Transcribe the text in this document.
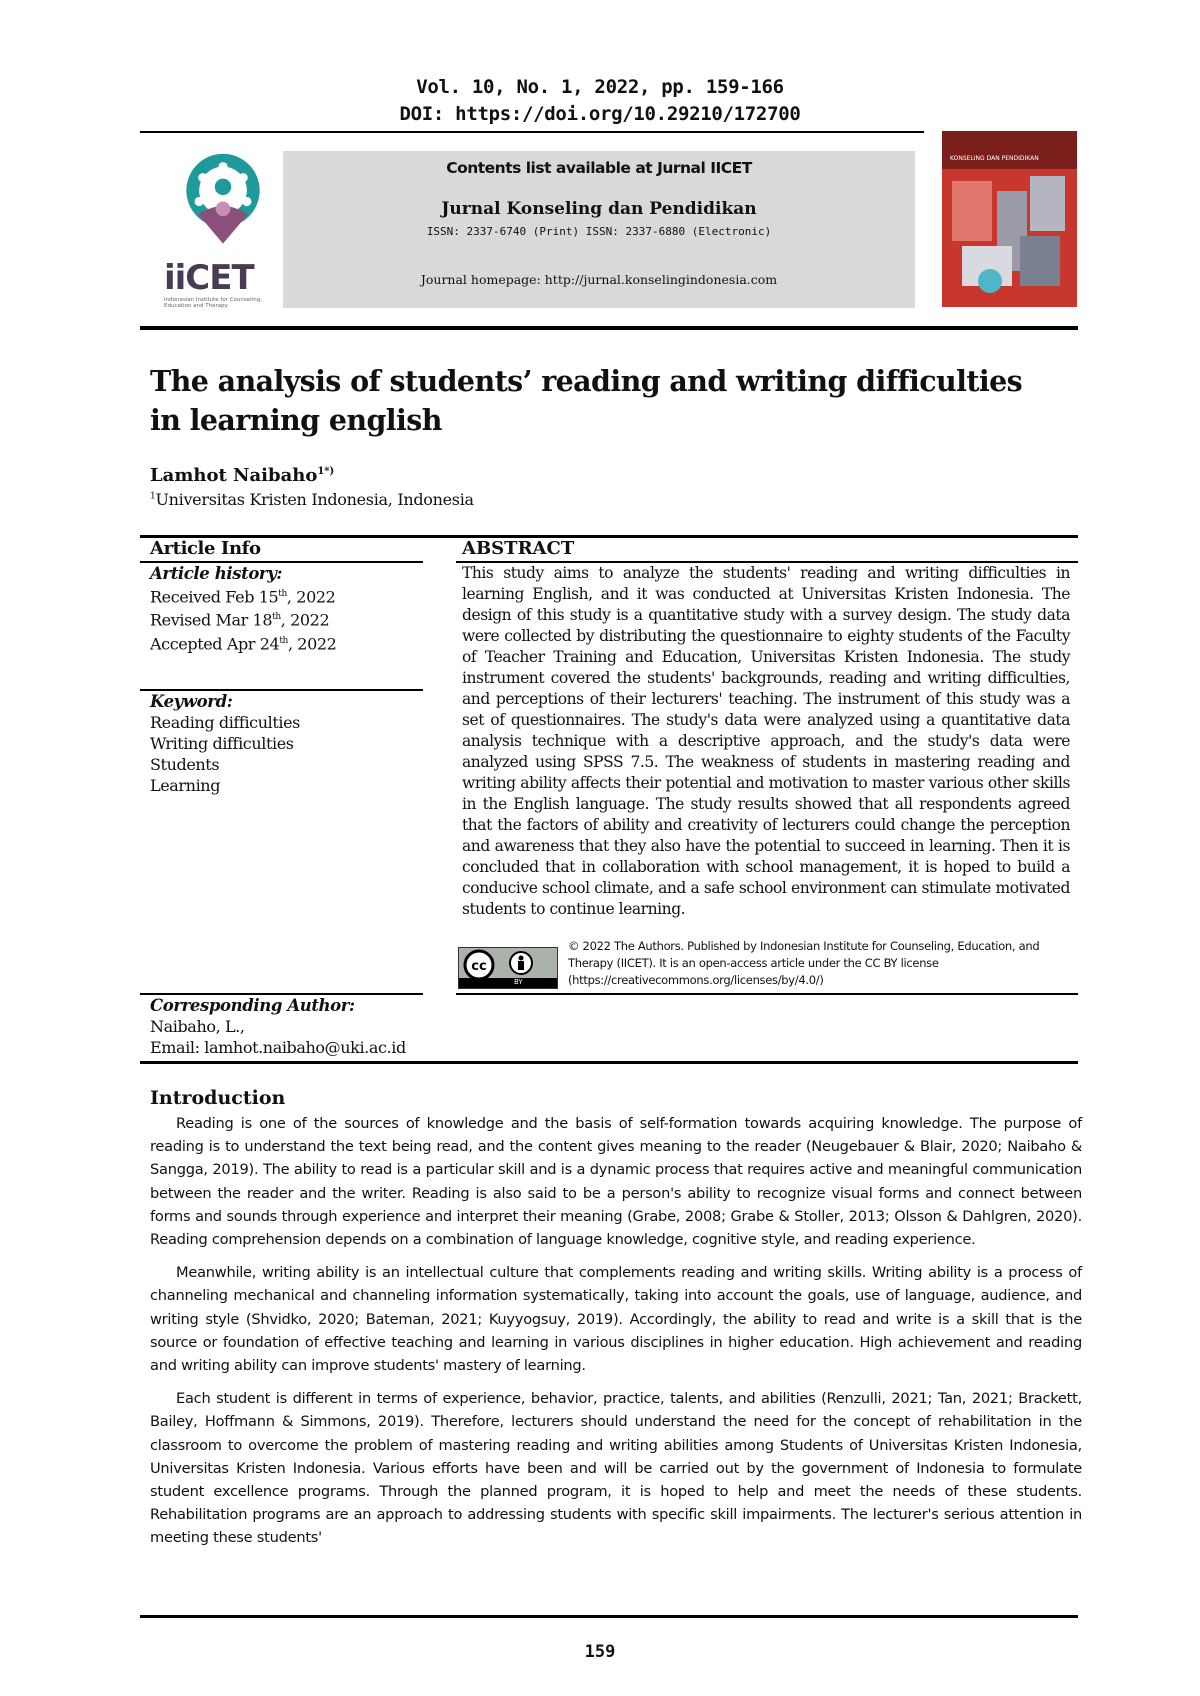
Vol. 10, No. 1, 2022, pp. 159-166
DOI: https://doi.org/10.29210/172700
iiCET
Indonesian Institute for Counseling, Education and Therapy
Contents list available at Jurnal IICET
Jurnal Konseling dan Pendidikan
ISSN: 2337-6740 (Print) ISSN: 2337-6880 (Electronic)
Journal homepage: http://jurnal.konselingindonesia.com
KONSELING DAN PENDIDIKAN
The analysis of students’ reading and writing difficulties in learning english
Lamhot Naibaho$^{1*)}$
$^1$Universitas Kristen Indonesia, Indonesia
Article Info
Article history:
Received Feb 15th, 2022
Revised Mar 18th, 2022
Accepted Apr 24th, 2022
Keyword:
Reading difficulties
Writing difficulties
Students
Learning
Corresponding Author:
Naibaho, L.,
Email: lamhot.naibaho@uki.ac.id
ABSTRACT
This study aims to analyze the students' reading and writing difficulties in learning English, and it was conducted at Universitas Kristen Indonesia. The design of this study is a quantitative study with a survey design. The study data were collected by distributing the questionnaire to eighty students of the Faculty of Teacher Training and Education, Universitas Kristen Indonesia. The study instrument covered the students' backgrounds, reading and writing difficulties, and perceptions of their lecturers' teaching. The instrument of this study was a set of questionnaires. The study's data were analyzed using a quantitative data analysis technique with a descriptive approach, and the study's data were analyzed using SPSS 7.5. The weakness of students in mastering reading and writing ability affects their potential and motivation to master various other skills in the English language. The study results showed that all respondents agreed that the factors of ability and creativity of lecturers could change the perception and awareness that they also have the potential to succeed in learning. Then it is concluded that in collaboration with school management, it is hoped to build a conducive school climate, and a safe school environment can stimulate motivated students to continue learning.
cc
BY
© 2022 The Authors. Published by Indonesian Institute for Counseling, Education, and Therapy (IICET). It is an open-access article under the CC BY license (https://creativecommons.org/licenses/by/4.0/)
Introduction

Reading is one of the sources of knowledge and the basis of self-formation towards acquiring knowledge. The purpose of reading is to understand the text being read, and the content gives meaning to the reader (Neugebauer & Blair, 2020; Naibaho & Sangga, 2019). The ability to read is a particular skill and is a dynamic process that requires active and meaningful communication between the reader and the writer. Reading is also said to be a person's ability to recognize visual forms and connect between forms and sounds through experience and interpret their meaning (Grabe, 2008; Grabe & Stoller, 2013; Olsson & Dahlgren, 2020). Reading comprehension depends on a combination of language knowledge, cognitive style, and reading experience.

Meanwhile, writing ability is an intellectual culture that complements reading and writing skills. Writing ability is a process of channeling mechanical and channeling information systematically, taking into account the goals, use of language, audience, and writing style (Shvidko, 2020; Bateman, 2021; Kuyyogsuy, 2019). Accordingly, the ability to read and write is a skill that is the source or foundation of effective teaching and learning in various disciplines in higher education. High achievement and reading and writing ability can improve students' mastery of learning.

Each student is different in terms of experience, behavior, practice, talents, and abilities (Renzulli, 2021; Tan, 2021; Brackett, Bailey, Hoffmann & Simmons, 2019). Therefore, lecturers should understand the need for the concept of rehabilitation in the classroom to overcome the problem of mastering reading and writing abilities among Students of Universitas Kristen Indonesia, Universitas Kristen Indonesia. Various efforts have been and will be carried out by the government of Indonesia to formulate student excellence programs. Through the planned program, it is hoped to help and meet the needs of these students. Rehabilitation programs are an approach to addressing students with specific skill impairments. The lecturer's serious attention in meeting these students'

159
